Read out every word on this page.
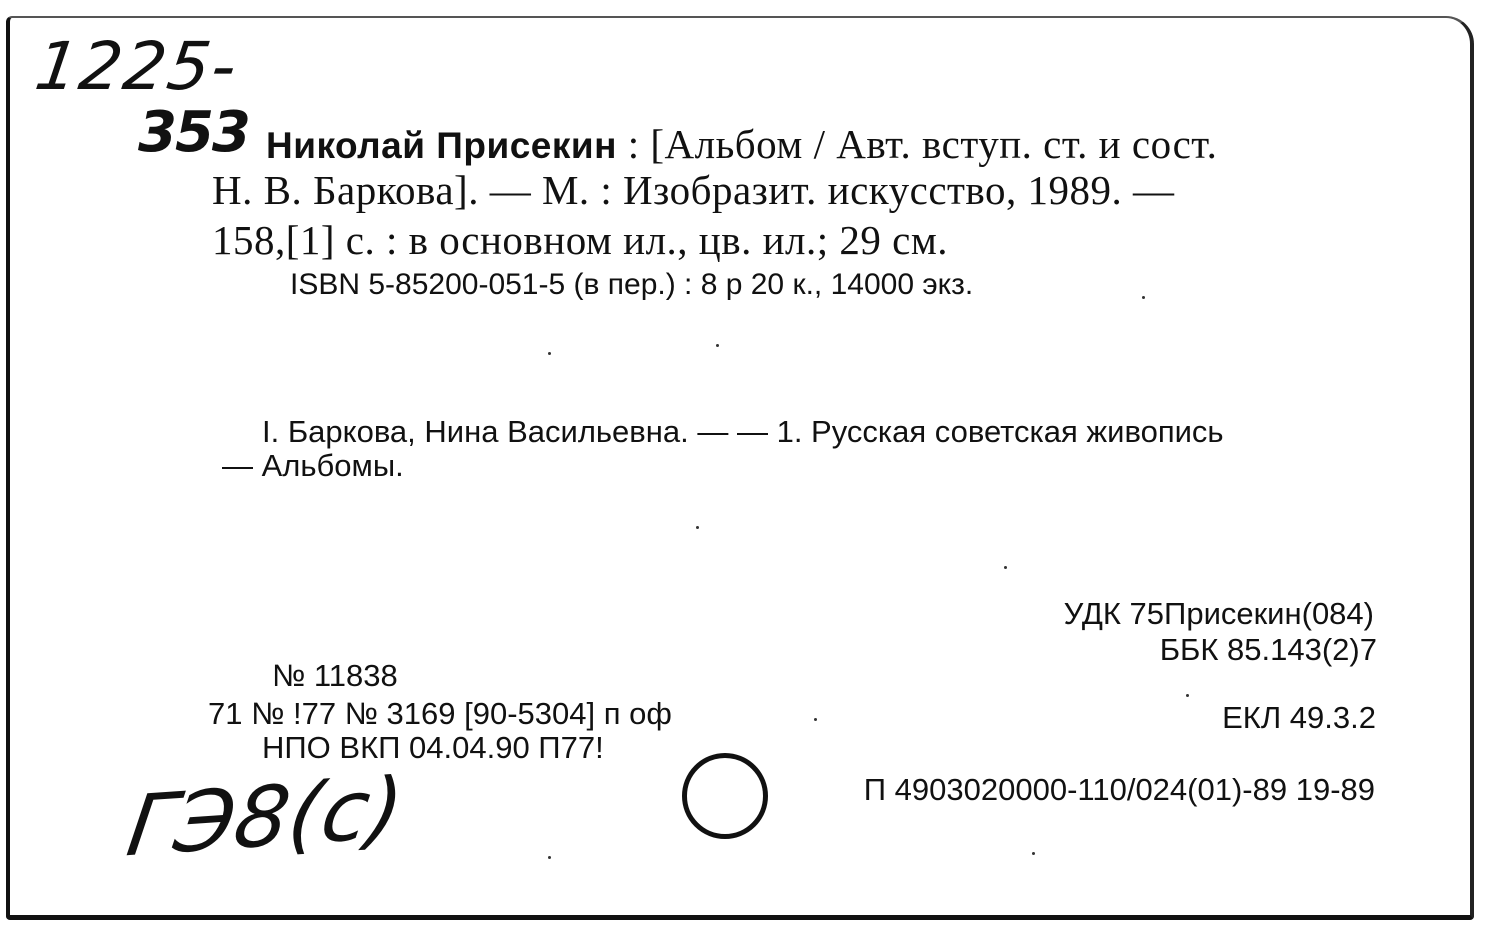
1225-
353 Николай Присекин : [Альбом / Авт. вступ. ст. и сост.
Н. В. Баркова]. — М. : Изобразит. искусство, 1989. —
158,[1] с. : в основном ил., цв. ил.; 29 см.
ISBN 5-85200-051-5 (в пер.) : 8 р 20 к., 14000 экз.
I. Баркова, Нина Васильевна. — — 1. Русская советская живопись
— Альбомы.
УДК 75Присекин(084)
ББК 85.143(2)7
№ 11838
71 № !77 № 3169 [90-5304] п оф
НПО ВКП 04.04.90 П77!
ЕКЛ 49.3.2
П 4903020000-110/024(01)-89 19-89
ГЭ8(с)
